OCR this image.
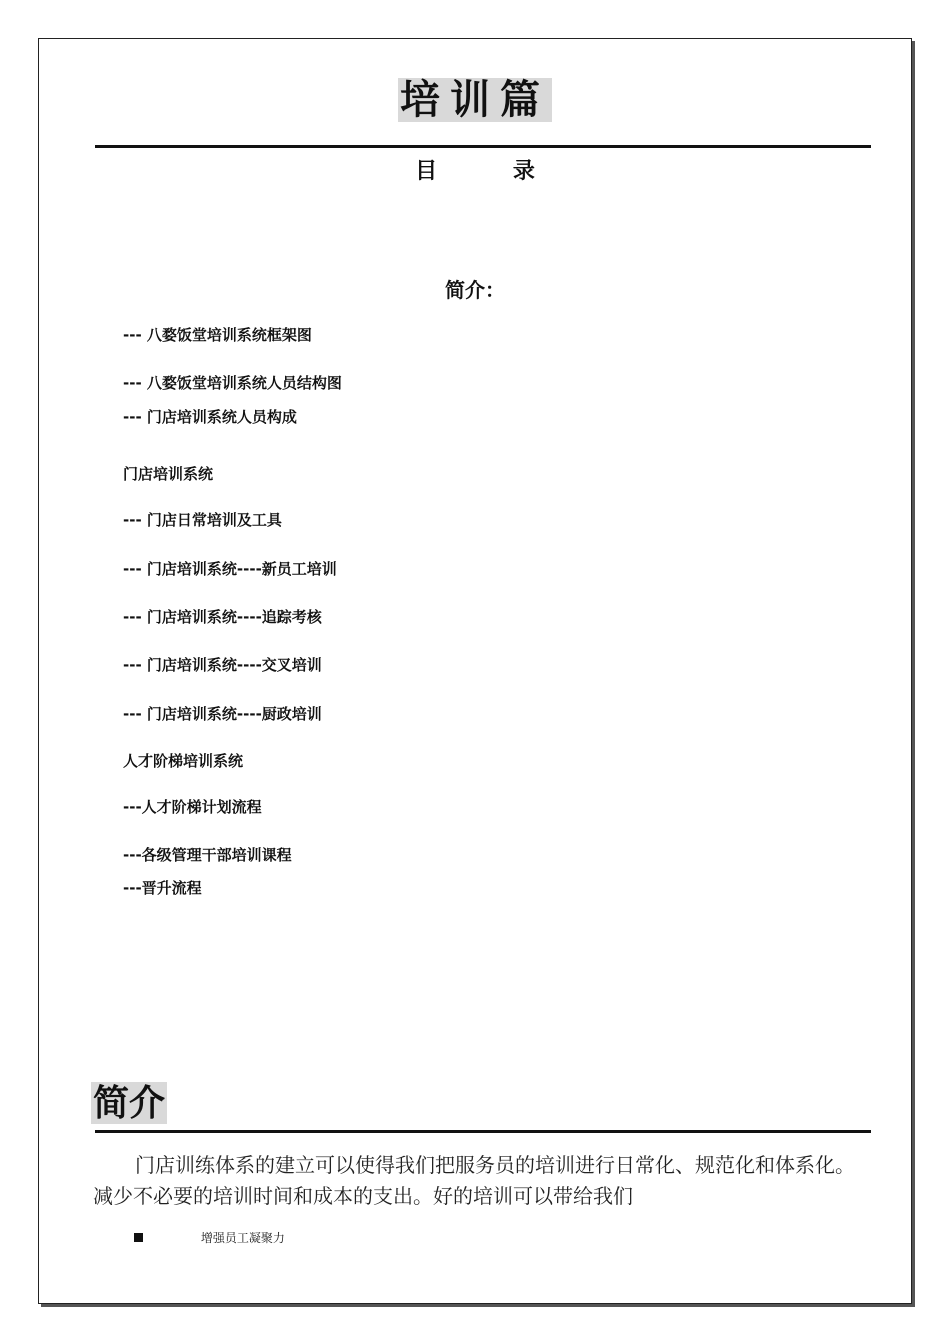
培训篇
目 录
简介：
--- 八婺饭堂培训系统框架图
--- 八婺饭堂培训系统人员结构图
--- 门店培训系统人员构成
门店培训系统
--- 门店日常培训及工具
--- 门店培训系统----新员工培训
--- 门店培训系统----追踪考核
--- 门店培训系统----交叉培训
--- 门店培训系统----厨政培训
人才阶梯培训系统
---人才阶梯计划流程
---各级管理干部培训课程
---晋升流程
简介
门店训练体系的建立可以使得我们把服务员的培训进行日常化、规范化和体系化。减少不必要的培训时间和成本的支出。好的培训可以带给我们
增强员工凝聚力
